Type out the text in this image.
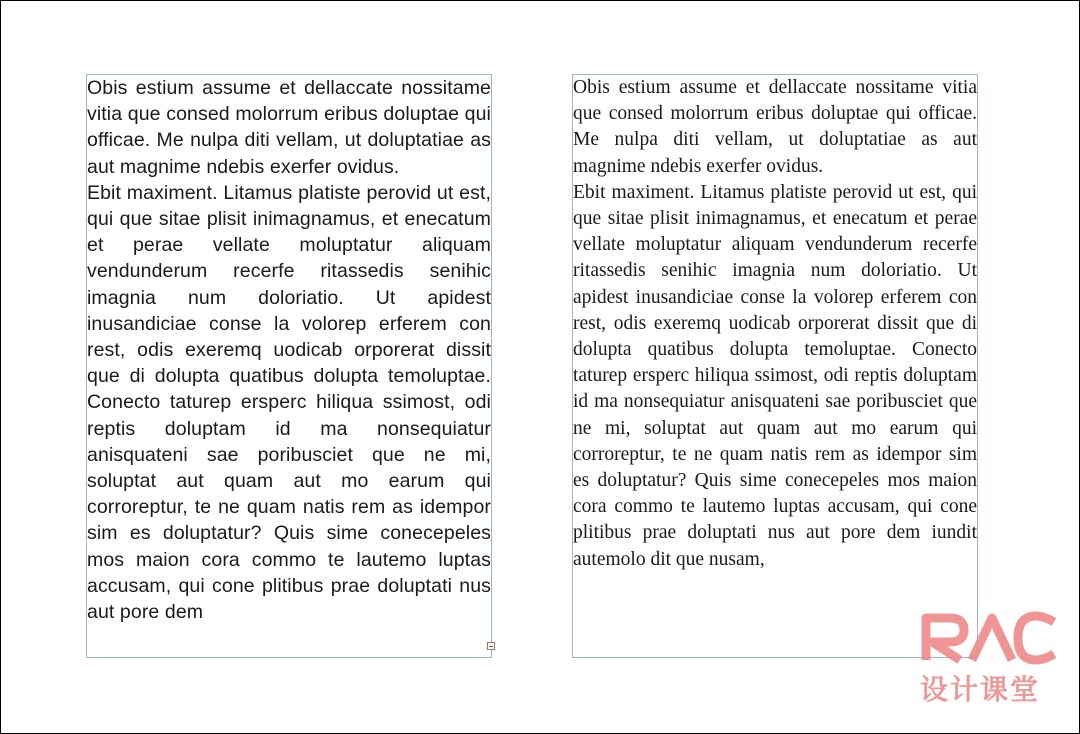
Obis estium assume et dellaccate nossitame vitia que consed molorrum eribus doluptae qui officae. Me nulpa diti vellam, ut doluptatiae as aut magnime ndebis exerfer ovidus.

Ebit maximent. Litamus platiste perovid ut est, qui que sitae plisit inimagnamus, et enecatum et perae vellate moluptatur aliquam vendunderum recerfe ritassedis senihic imagnia num doloriatio. Ut apidest inusandiciae conse la volorep erferem con rest, odis exeremq uodicab orporerat dissit que di dolupta quatibus dolupta temoluptae. Conecto taturep ersperc hiliqua ssimost, odi reptis doluptam id ma nonsequiatur anisquateni sae poribusciet que ne mi, soluptat aut quam aut mo earum qui corroreptur, te ne quam natis rem as idempor sim es doluptatur? Quis sime conecepeles mos maion cora commo te lautemo luptas accusam, qui cone plitibus prae doluptati nus aut pore dem

Obis estium assume et dellaccate nossitame vitia que consed molorrum eribus doluptae qui officae. Me nulpa diti vellam, ut doluptatiae as aut magnime ndebis exerfer ovidus.

Ebit maximent. Litamus platiste perovid ut est, qui que sitae plisit inimagnamus, et enecatum et perae vellate moluptatur aliquam vendunderum recerfe ritassedis senihic imagnia num doloriatio. Ut apidest inusandiciae conse la volorep erferem con rest, odis exeremq uodicab orporerat dissit que di dolupta quatibus dolupta temoluptae. Conecto taturep ersperc hiliqua ssimost, odi reptis doluptam id ma nonsequiatur anisquateni sae poribusciet que ne mi, soluptat aut quam aut mo earum qui corroreptur, te ne quam natis rem as idempor sim es doluptatur? Quis sime conecepeles mos maion cora commo te lautemo luptas accusam, qui cone plitibus prae doluptati nus aut pore dem iundit autemolo dit que nusam,

设计课堂
